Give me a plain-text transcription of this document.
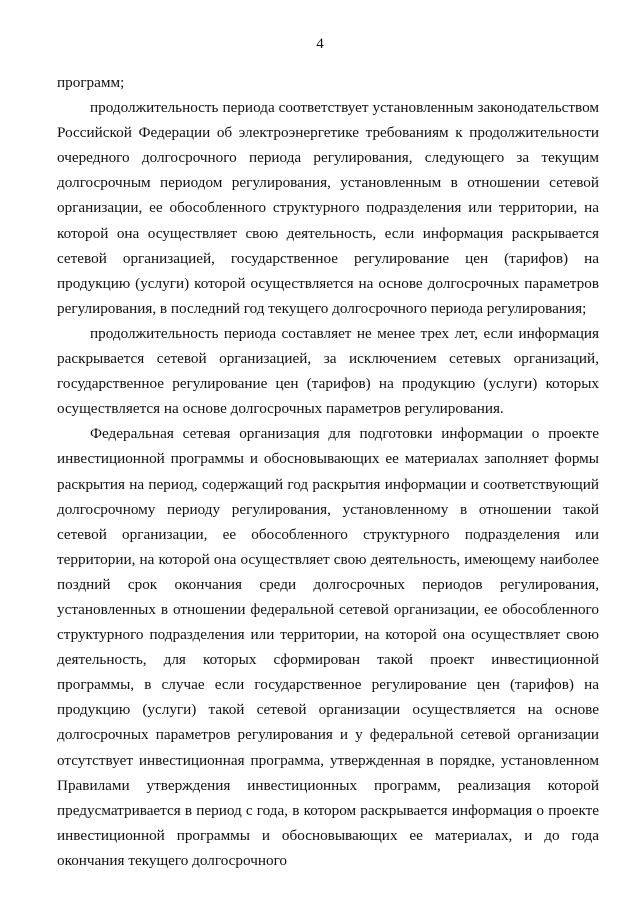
4

программ;

продолжительность периода соответствует установленным законодательством Российской Федерации об электроэнергетике требованиям к продолжительности очередного долгосрочного периода регулирования, следующего за текущим долгосрочным периодом регулирования, установленным в отношении сетевой организации, ее обособленного структурного подразделения или территории, на которой она осуществляет свою деятельность, если информация раскрывается сетевой организацией, государственное регулирование цен (тарифов) на продукцию (услуги) которой осуществляется на основе долгосрочных параметров регулирования, в последний год текущего долгосрочного периода регулирования;

продолжительность периода составляет не менее трех лет, если информация раскрывается сетевой организацией, за исключением сетевых организаций, государственное регулирование цен (тарифов) на продукцию (услуги) которых осуществляется на основе долгосрочных параметров регулирования.

Федеральная сетевая организация для подготовки информации о проекте инвестиционной программы и обосновывающих ее материалах заполняет формы раскрытия на период, содержащий год раскрытия информации и соответствующий долгосрочному периоду регулирования, установленному в отношении такой сетевой организации, ее обособленного структурного подразделения или территории, на которой она осуществляет свою деятельность, имеющему наиболее поздний срок окончания среди долгосрочных периодов регулирования, установленных в отношении федеральной сетевой организации, ее обособленного структурного подразделения или территории, на которой она осуществляет свою деятельность, для которых сформирован такой проект инвестиционной программы, в случае если государственное регулирование цен (тарифов) на продукцию (услуги) такой сетевой организации осуществляется на основе долгосрочных параметров регулирования и у федеральной сетевой организации отсутствует инвестиционная программа, утвержденная в порядке, установленном Правилами утверждения инвестиционных программ, реализация которой предусматривается в период с года, в котором раскрывается информация о проекте инвестиционной программы и обосновывающих ее материалах, и до года окончания текущего долгосрочного
